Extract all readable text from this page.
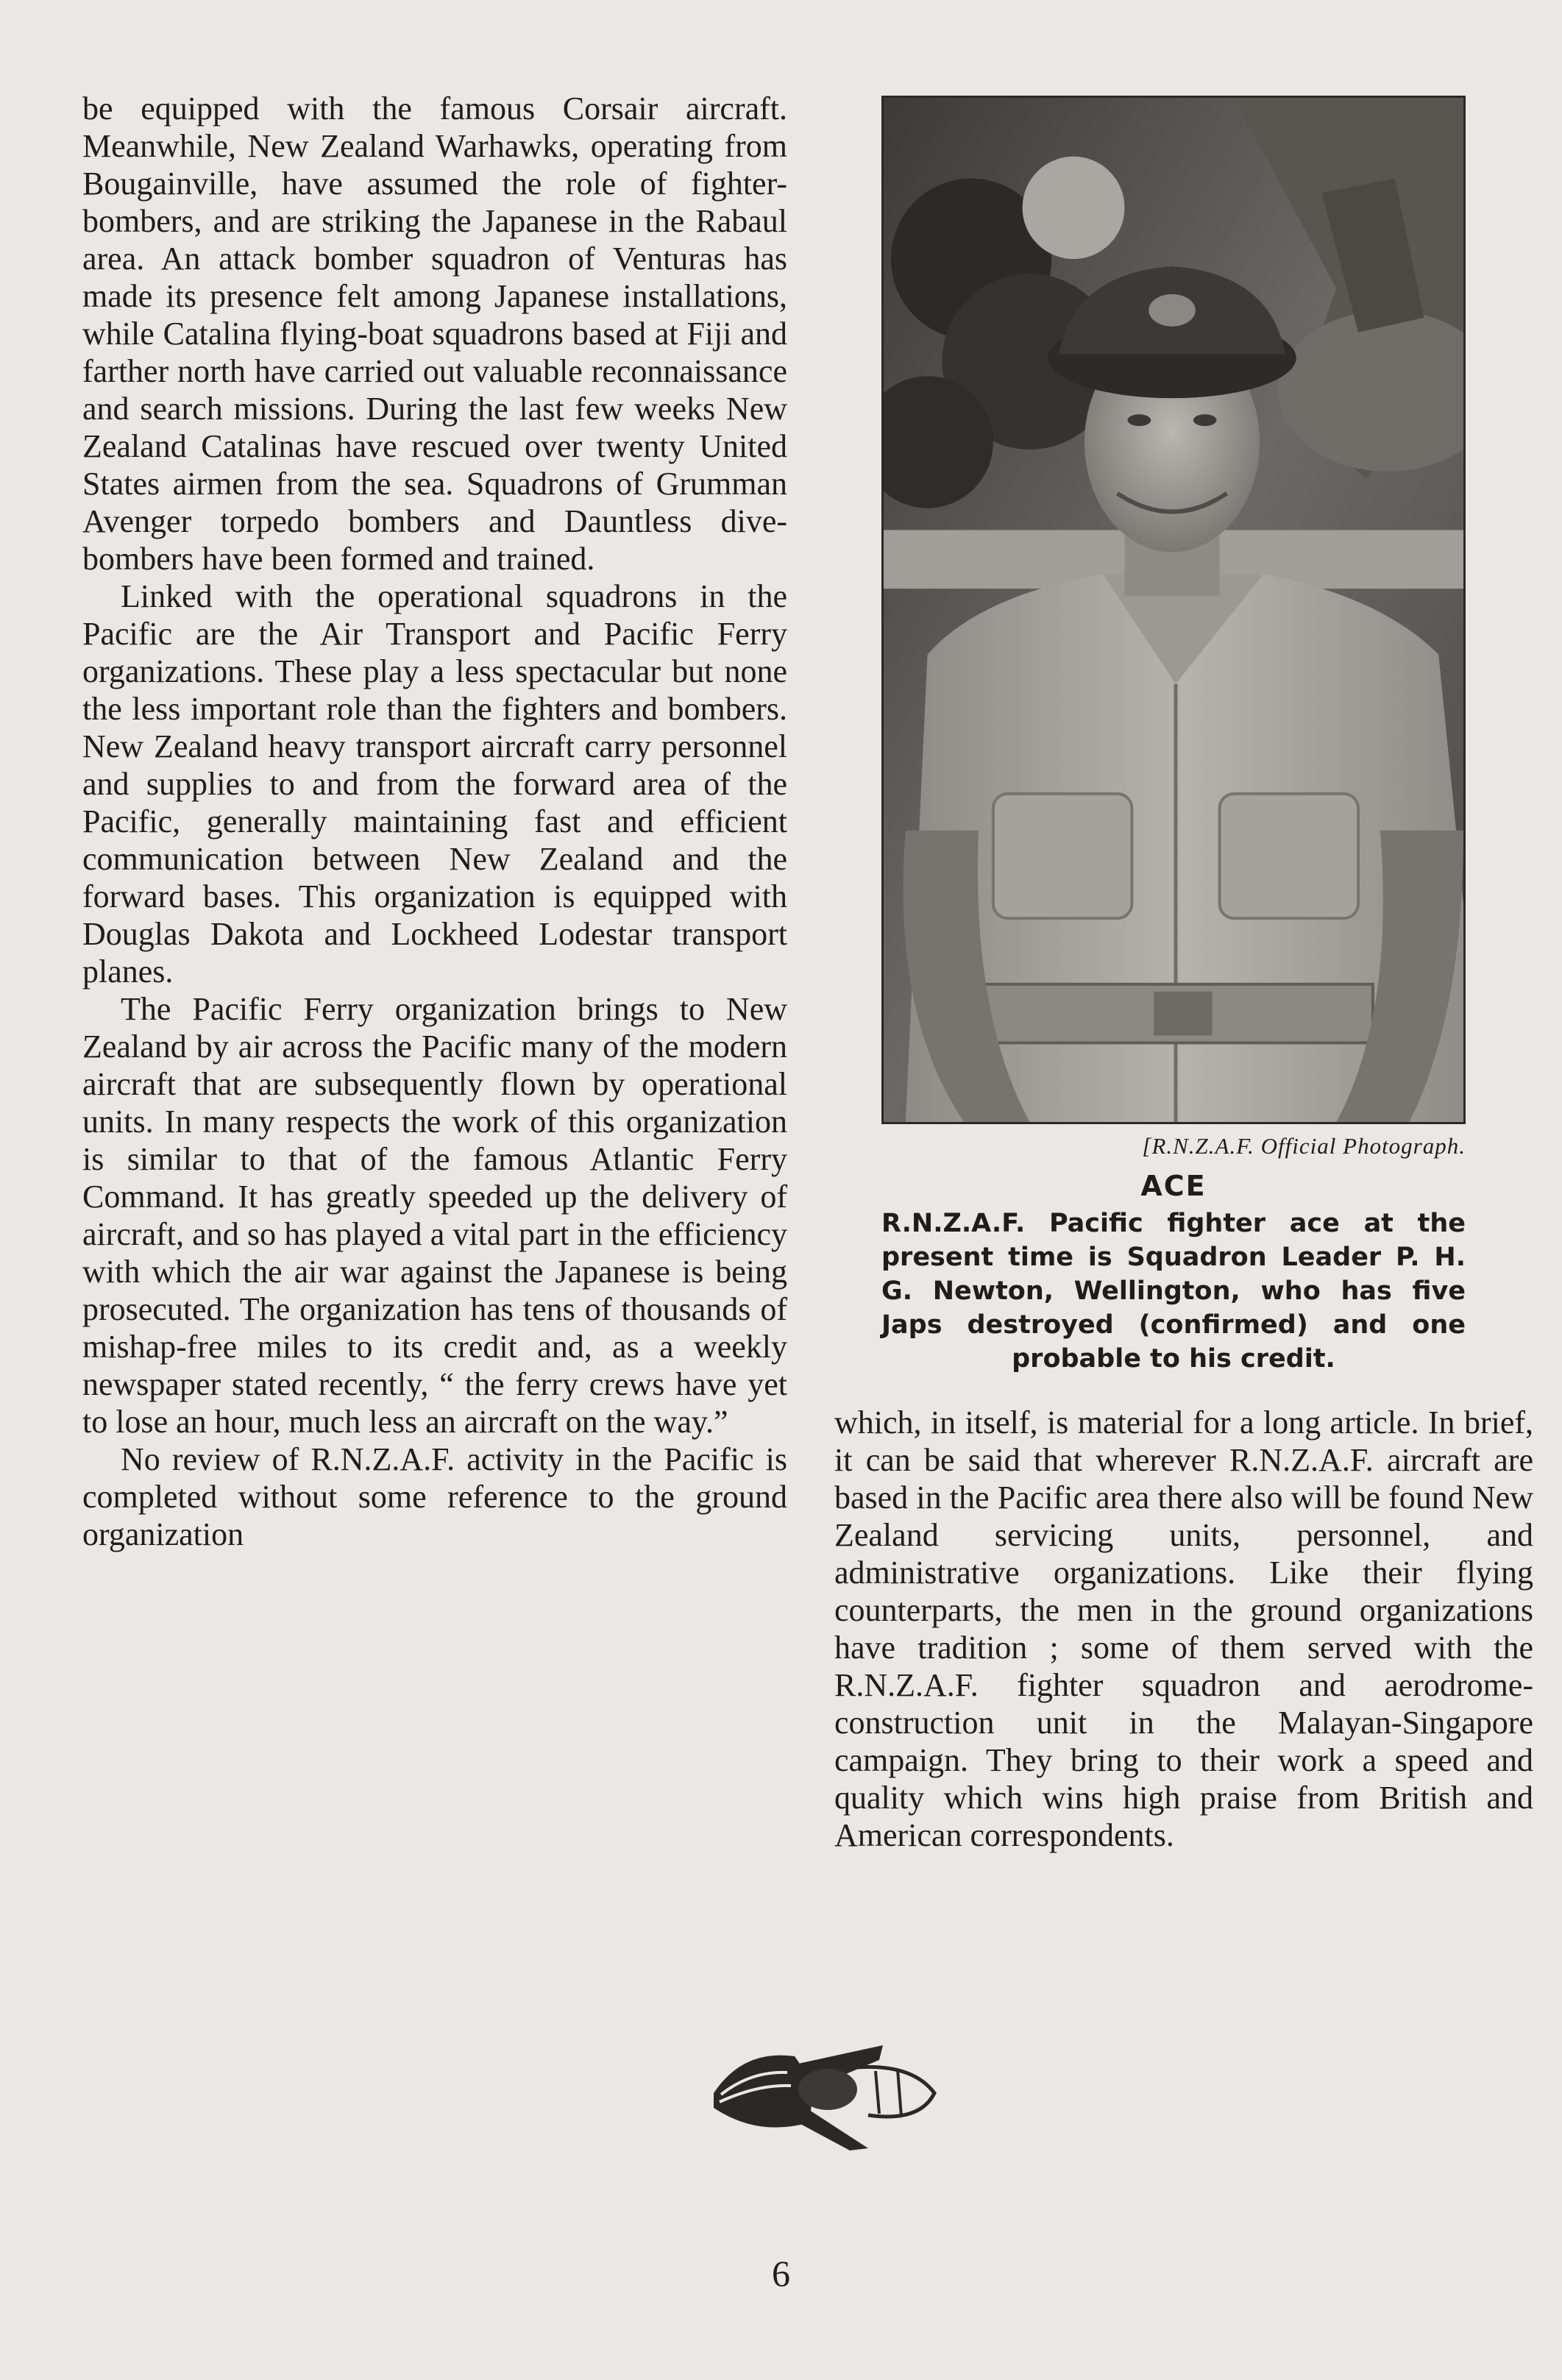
be equipped with the famous Corsair aircraft. Meanwhile, New Zealand Warhawks, operating from Bougainville, have assumed the role of fighter-bombers, and are striking the Japanese in the Rabaul area. An attack bomber squadron of Venturas has made its presence felt among Japanese installations, while Catalina flying-boat squadrons based at Fiji and farther north have carried out valuable reconnaissance and search missions. During the last few weeks New Zealand Catalinas have rescued over twenty United States airmen from the sea. Squadrons of Grumman Avenger torpedo bombers and Dauntless dive-bombers have been formed and trained.

Linked with the operational squadrons in the Pacific are the Air Transport and Pacific Ferry organizations. These play a less spectacular but none the less important role than the fighters and bombers. New Zealand heavy transport aircraft carry personnel and supplies to and from the forward area of the Pacific, generally maintaining fast and efficient communication between New Zealand and the forward bases. This organization is equipped with Douglas Dakota and Lockheed Lodestar transport planes.

The Pacific Ferry organization brings to New Zealand by air across the Pacific many of the modern aircraft that are subsequently flown by operational units. In many respects the work of this organization is similar to that of the famous Atlantic Ferry Command. It has greatly speeded up the delivery of aircraft, and so has played a vital part in the efficiency with which the air war against the Japanese is being prosecuted. The organization has tens of thousands of mishap-free miles to its credit and, as a weekly newspaper stated recently, “ the ferry crews have yet to lose an hour, much less an aircraft on the way.”

No review of R.N.Z.A.F. activity in the Pacific is completed without some reference to the ground organization

[R.N.Z.A.F. Official Photograph.
ACE
R.N.Z.A.F. Pacific fighter ace at the present time is Squadron Leader P. H. G. Newton, Wellington, who has five Japs destroyed (confirmed) and one probable to his credit.

which, in itself, is material for a long article. In brief, it can be said that wherever R.N.Z.A.F. aircraft are based in the Pacific area there also will be found New Zealand servicing units, personnel, and administrative organizations. Like their flying counterparts, the men in the ground organizations have tradition ; some of them served with the R.N.Z.A.F. fighter squadron and aerodrome-construction unit in the Malayan-Singapore campaign. They bring to their work a speed and quality which wins high praise from British and American correspondents.

6
